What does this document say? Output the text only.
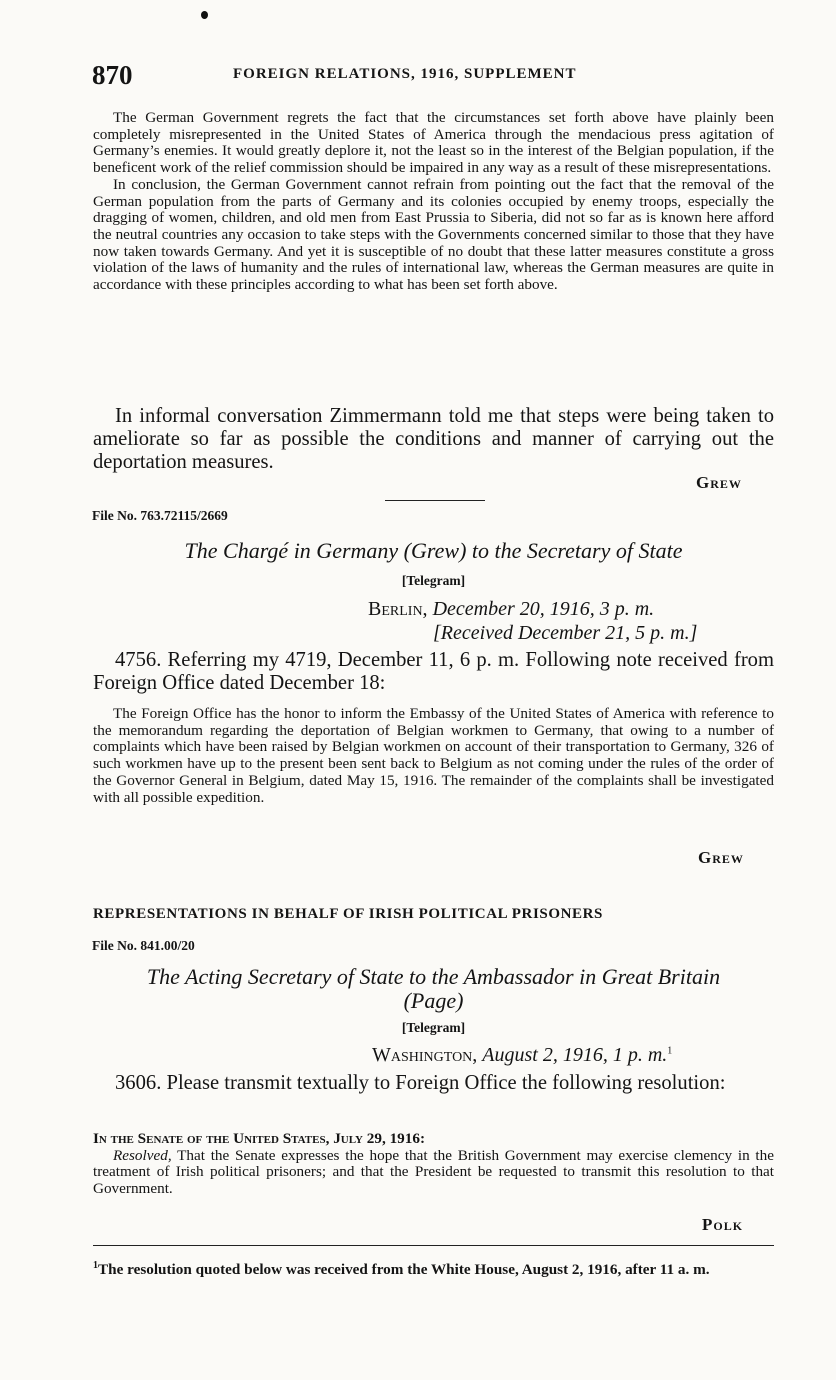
870	FOREIGN RELATIONS, 1916, SUPPLEMENT

The German Government regrets the fact that the circumstances set forth above have plainly been completely misrepresented in the United States of America through the mendacious press agitation of Germany’s enemies. It would greatly deplore it, not the least so in the interest of the Belgian population, if the beneficent work of the relief commission should be impaired in any way as a result of these misrepresentations.

In conclusion, the German Government cannot refrain from pointing out the fact that the removal of the German population from the parts of Germany and its colonies occupied by enemy troops, especially the dragging of women, children, and old men from East Prussia to Siberia, did not so far as is known here afford the neutral countries any occasion to take steps with the Governments concerned similar to those that they have now taken towards Germany. And yet it is susceptible of no doubt that these latter measures constitute a gross violation of the laws of humanity and the rules of international law, whereas the German measures are quite in accordance with these principles according to what has been set forth above.

In informal conversation Zimmermann told me that steps were being taken to ameliorate so far as possible the conditions and manner of carrying out the deportation measures.

Grew
File No. 763.72115/2669
The Chargé in Germany (Grew) to the Secretary of State
[Telegram]
Berlin, December 20, 1916, 3 p. m.
[Received December 21, 5 p. m.]

4756. Referring my 4719, December 11, 6 p. m. Following note received from Foreign Office dated December 18:

The Foreign Office has the honor to inform the Embassy of the United States of America with reference to the memorandum regarding the deportation of Belgian workmen to Germany, that owing to a number of complaints which have been raised by Belgian workmen on account of their transportation to Germany, 326 of such workmen have up to the present been sent back to Belgium as not coming under the rules of the order of the Governor General in Belgium, dated May 15, 1916. The remainder of the complaints shall be investigated with all possible expedition.

Grew
REPRESENTATIONS IN BEHALF OF IRISH POLITICAL PRISONERS
File No. 841.00/20
The Acting Secretary of State to the Ambassador in Great Britain
(Page)
[Telegram]
Washington, August 2, 1916, 1 p. m.$^1$

3606. Please transmit textually to Foreign Office the following resolution:

In the Senate of the United States, July 29, 1916:

Resolved, That the Senate expresses the hope that the British Government may exercise clemency in the treatment of Irish political prisoners; and that the President be requested to transmit this resolution to that Government.

Polk
$^1$The resolution quoted below was received from the White House, August 2, 1916, after 11 a. m.
